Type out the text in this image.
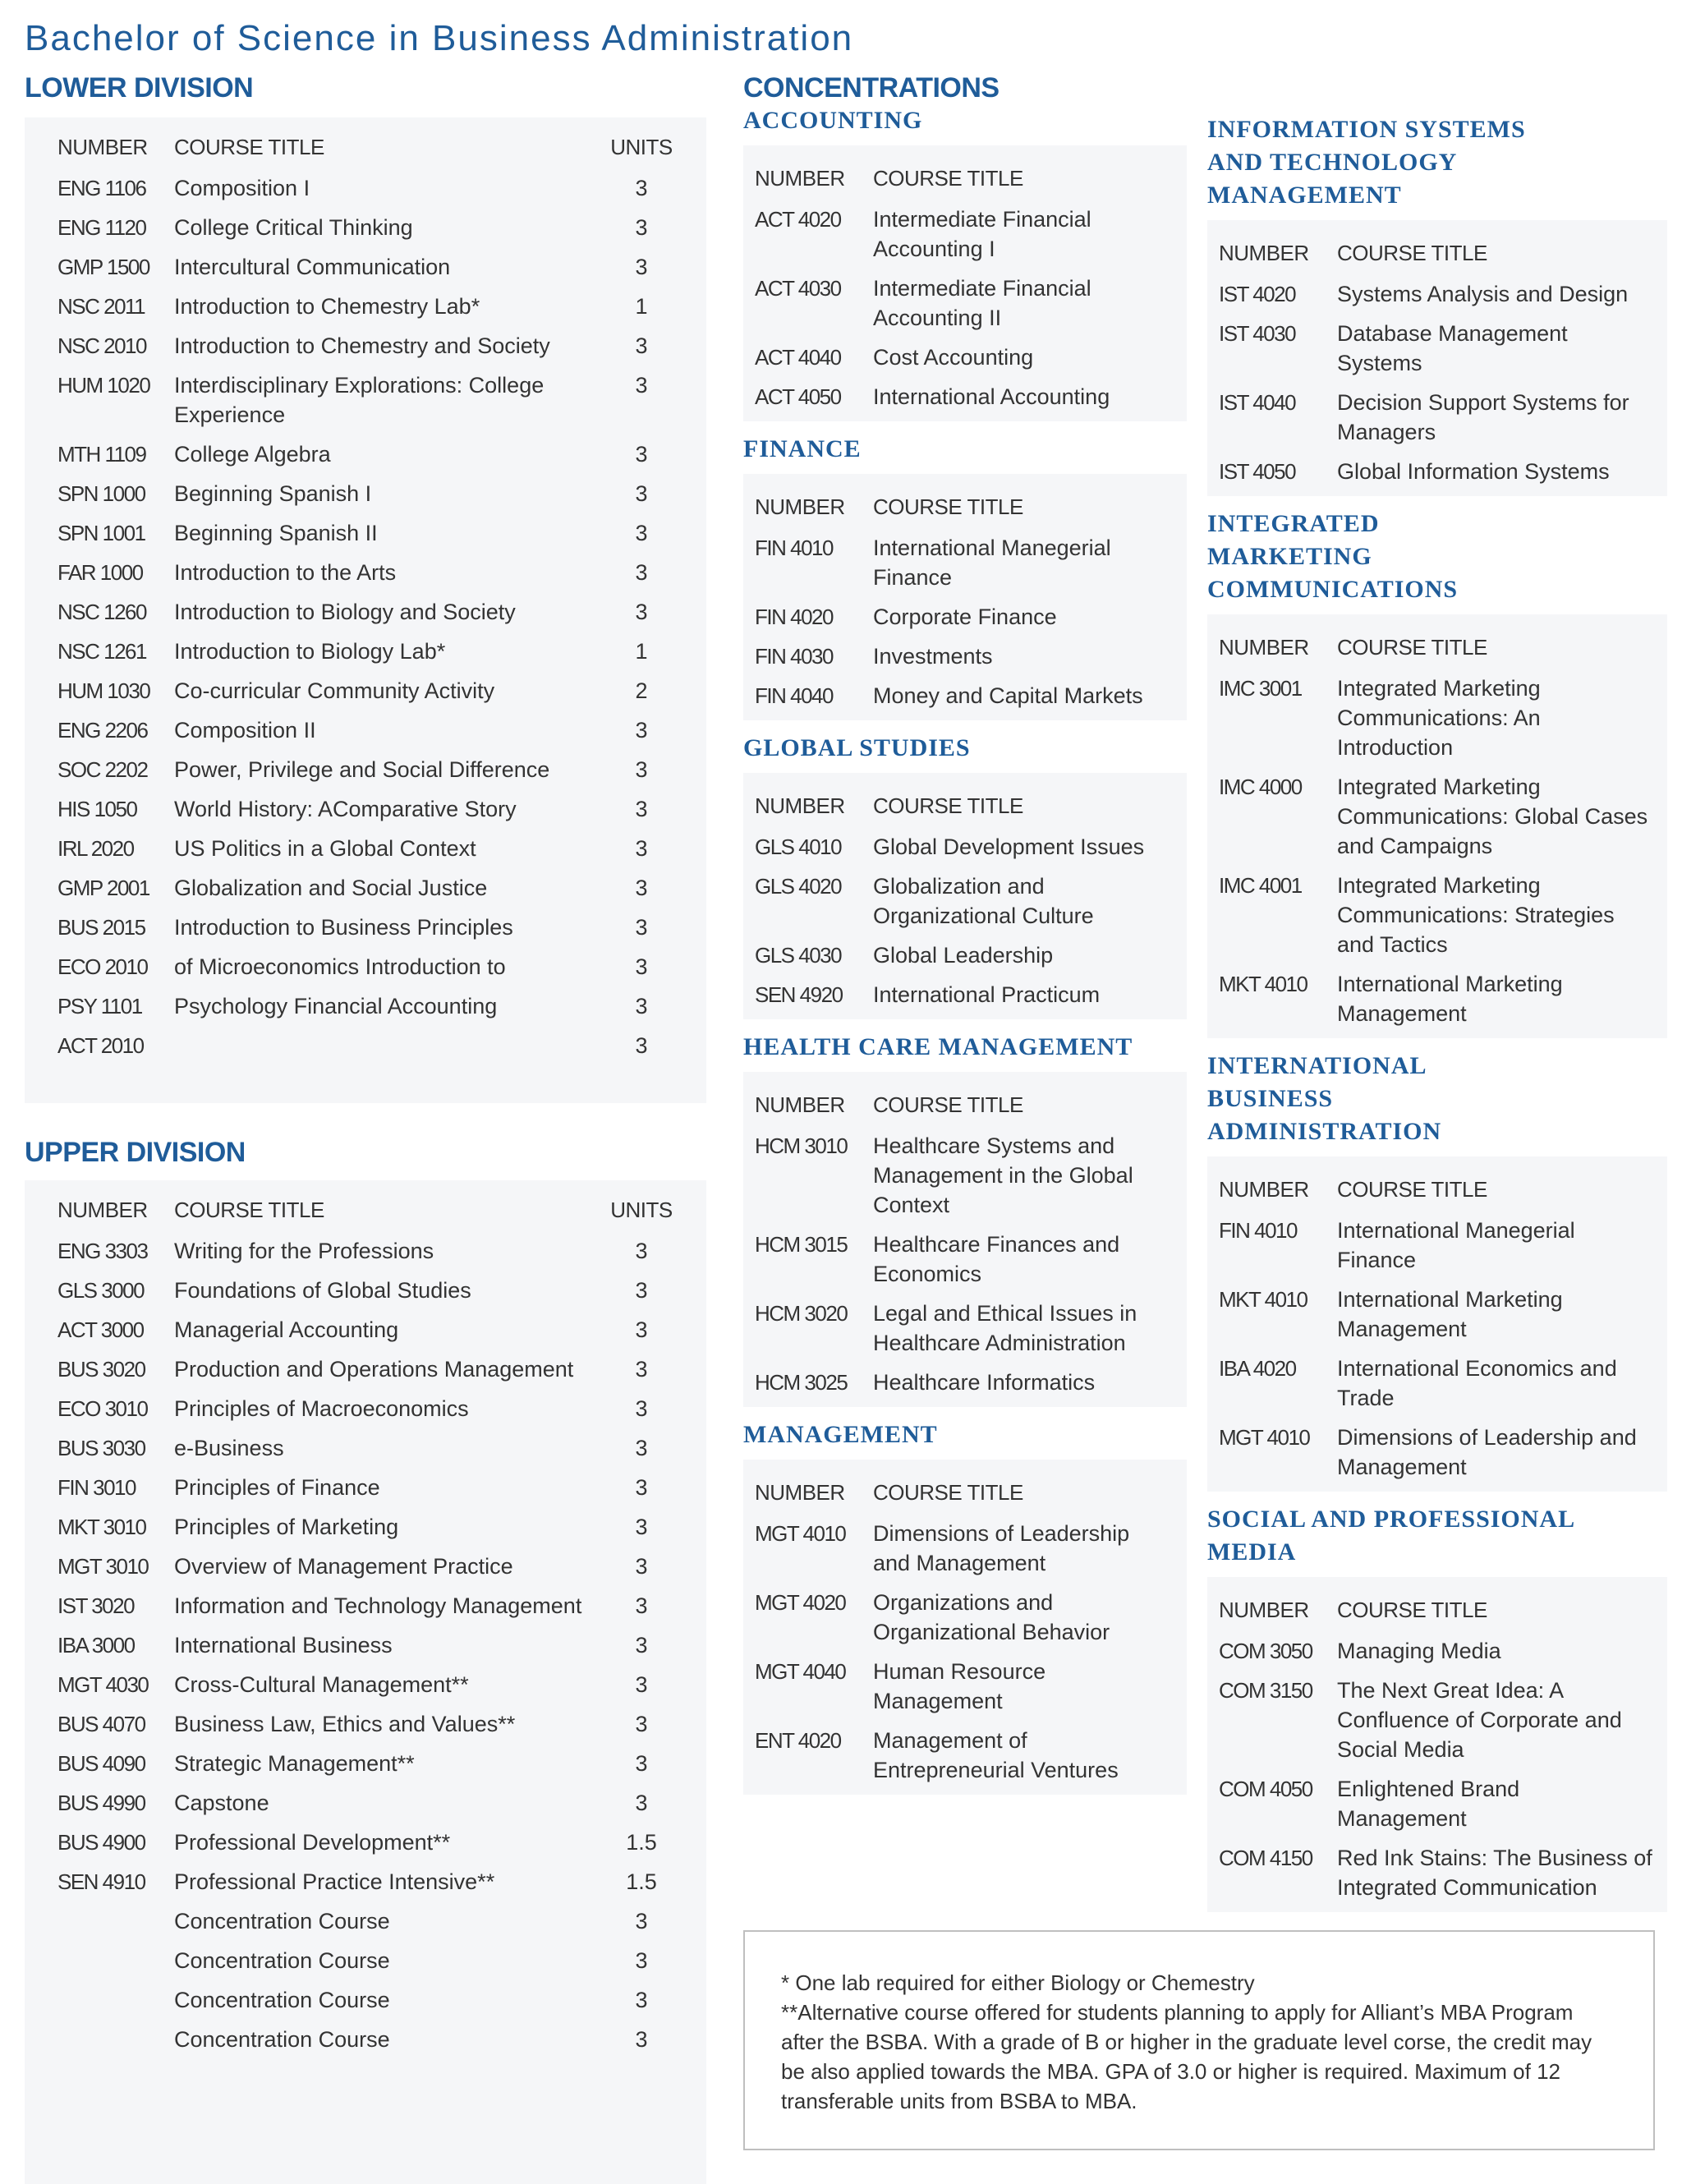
Bachelor of Science in Business Administration
LOWER DIVISION
NUMBER	COURSE TITLE	UNITS
ENG 1106	Composition I	3
ENG 1120	College Critical Thinking	3
GMP 1500	Intercultural Communication	3
NSC 2011	Introduction to Chemestry Lab*	1
NSC 2010	Introduction to Chemestry and Society	3
HUM 1020	Interdisciplinary Explorations: College Experience	3
MTH 1109	College Algebra	3
SPN 1000	Beginning Spanish I	3
SPN 1001	Beginning Spanish II	3
FAR 1000	Introduction to the Arts	3
NSC 1260	Introduction to Biology and Society	3
NSC 1261	Introduction to Biology Lab*	1
HUM 1030	Co-curricular Community Activity	2
ENG 2206	Composition II	3
SOC 2202	Power, Privilege and Social Difference	3
HIS 1050	World History: AComparative Story	3
IRL 2020	US Politics in a Global Context	3
GMP 2001	Globalization and Social Justice	3
BUS 2015	Introduction to Business Principles	3
ECO 2010	of Microeconomics Introduction to	3
PSY 1101	Psychology Financial Accounting	3
ACT 2010		3
UPPER DIVISION
NUMBER	COURSE TITLE	UNITS
ENG 3303	Writing for the Professions	3
GLS 3000	Foundations of Global Studies	3
ACT 3000	Managerial Accounting	3
BUS 3020	Production and Operations Management	3
ECO 3010	Principles of Macroeconomics	3
BUS 3030	e-Business	3
FIN 3010	Principles of Finance	3
MKT 3010	Principles of Marketing	3
MGT 3010	Overview of Management Practice	3
IST 3020	Information and Technology Management	3
IBA 3000	International Business	3
MGT 4030	Cross-Cultural Management**	3
BUS 4070	Business Law, Ethics and Values**	3
BUS 4090	Strategic Management**	3
BUS 4990	Capstone	3
BUS 4900	Professional Development**	1.5
SEN 4910	Professional Practice Intensive**	1.5
	Concentration Course	3
	Concentration Course	3
	Concentration Course	3
	Concentration Course	3
CONCENTRATIONS
ACCOUNTING
NUMBER	COURSE TITLE
ACT 4020	Intermediate Financial Accounting I
ACT 4030	Intermediate Financial Accounting II
ACT 4040	Cost Accounting
ACT 4050	International Accounting
FINANCE
NUMBER	COURSE TITLE
FIN 4010	International Manegerial Finance
FIN 4020	Corporate Finance
FIN 4030	Investments
FIN 4040	Money and Capital Markets
GLOBAL STUDIES
NUMBER	COURSE TITLE
GLS 4010	Global Development Issues
GLS 4020	Globalization and Organizational Culture
GLS 4030	Global Leadership
SEN 4920	International Practicum
HEALTH CARE MANAGEMENT
NUMBER	COURSE TITLE
HCM 3010	Healthcare Systems and Management in the Global Context
HCM 3015	Healthcare Finances and Economics
HCM 3020	Legal and Ethical Issues in Healthcare Administration
HCM 3025	Healthcare Informatics
MANAGEMENT
NUMBER	COURSE TITLE
MGT 4010	Dimensions of Leadership and Management
MGT 4020	Organizations and Organizational Behavior
MGT 4040	Human Resource Management
ENT 4020	Management of Entrepreneurial Ventures
INFORMATION SYSTEMS AND TECHNOLOGY MANAGEMENT
NUMBER	COURSE TITLE
IST 4020	Systems Analysis and Design
IST 4030	Database Management Systems
IST 4040	Decision Support Systems for Managers
IST 4050	Global Information Systems
INTEGRATED MARKETING COMMUNICATIONS
NUMBER	COURSE TITLE
IMC 3001	Integrated Marketing Communications: An Introduction
IMC 4000	Integrated Marketing Communications: Global Cases and Campaigns
IMC 4001	Integrated Marketing Communications: Strategies and Tactics
MKT 4010	International Marketing Management
INTERNATIONAL BUSINESS ADMINISTRATION
NUMBER	COURSE TITLE
FIN 4010	International Manegerial Finance
MKT 4010	International Marketing Management
IBA 4020	International Economics and Trade
MGT 4010	Dimensions of Leadership and Management
SOCIAL AND PROFESSIONAL MEDIA
NUMBER	COURSE TITLE
COM 3050	Managing Media
COM 3150	The Next Great Idea: A Confluence of Corporate and Social Media
COM 4050	Enlightened Brand Management
COM 4150	Red Ink Stains: The Business of Integrated Communication

* One lab required for either Biology or Chemestry

**Alternative course offered for students planning to apply for Alliant’s MBA Program after the BSBA. With a grade of B or higher in the graduate level corse, the credit may be also applied towards the MBA. GPA of 3.0 or higher is required. Maximum of 12 transferable units from BSBA to MBA.
